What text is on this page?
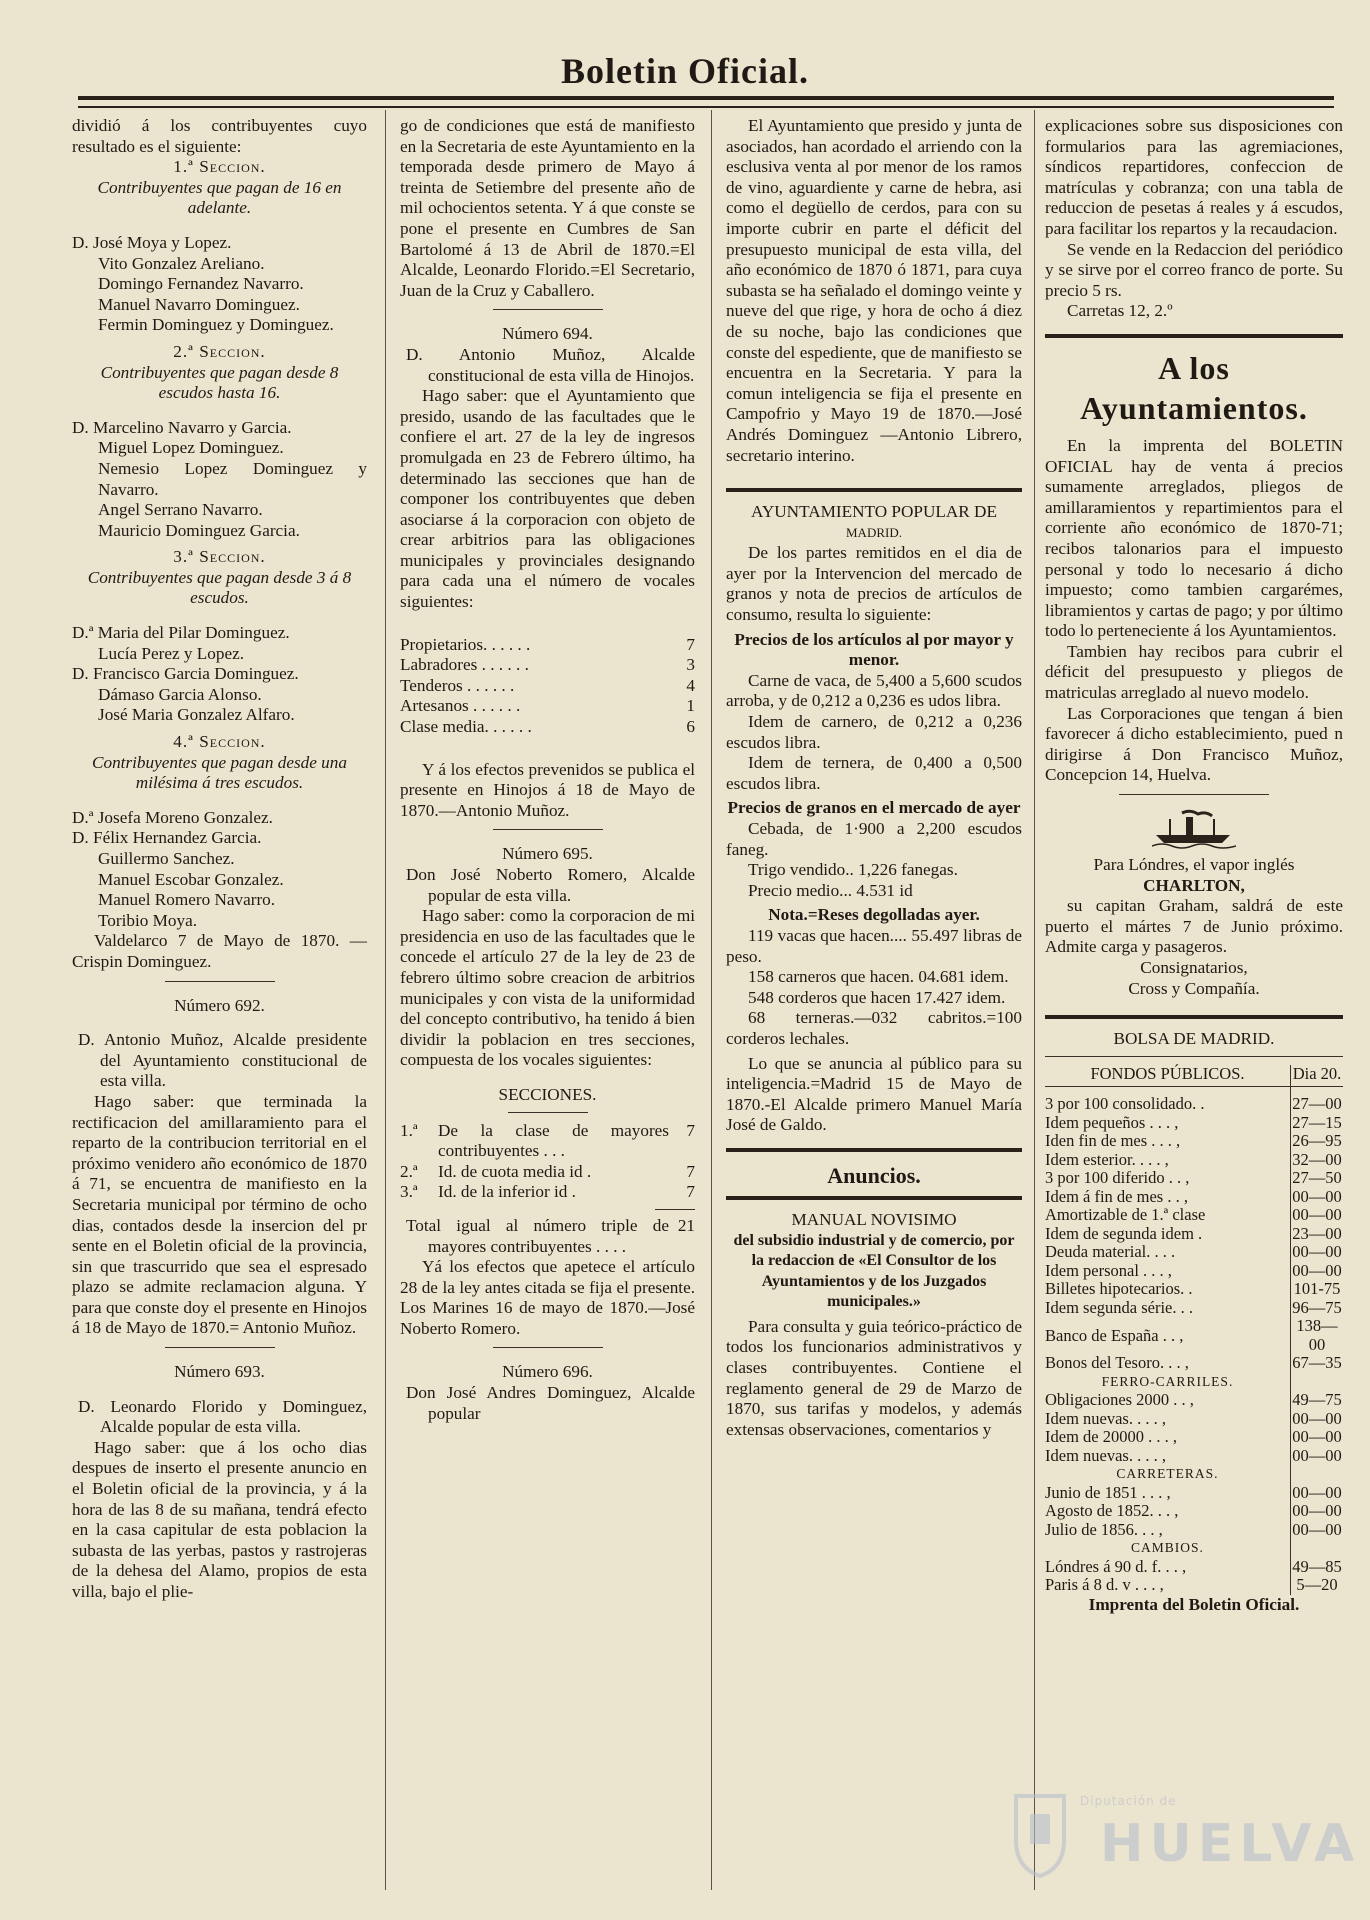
Boletin Oficial.

dividió á los contribuyentes cuyo resultado es el siguiente:

1.ª Seccion.

Contribuyentes que pagan de 16 en adelante.

D. José Moya y Lopez.

Vito Gonzalez Areliano.

Domingo Fernandez Navarro.

Manuel Navarro Dominguez.

Fermin Dominguez y Dominguez.

2.ª Seccion.

Contribuyentes que pagan desde 8 escudos hasta 16.

D. Marcelino Navarro y Garcia.

Miguel Lopez Dominguez.

Nemesio Lopez Dominguez y Navarro.

Angel Serrano Navarro.

Mauricio Dominguez Garcia.

3.ª Seccion.

Contribuyentes que pagan desde 3 á 8 escudos.

D.ª Maria del Pilar Dominguez.

Lucía Perez y Lopez.

D. Francisco Garcia Dominguez.

Dámaso Garcia Alonso.

José Maria Gonzalez Alfaro.

4.ª Seccion.

Contribuyentes que pagan desde una milésima á tres escudos.

D.ª Josefa Moreno Gonzalez.

D. Félix Hernandez Garcia.

Guillermo Sanchez.

Manuel Escobar Gonzalez.

Manuel Romero Navarro.

Toribio Moya.

Valdelarco 7 de Mayo de 1870. —Crispin Dominguez.

Número 692.

D. Antonio Muñoz, Alcalde presidente del Ayuntamiento constitucional de esta villa.

Hago saber: que terminada la rectificacion del amillaramiento para el reparto de la contribucion territorial en el próximo venidero año económico de 1870 á 71, se encuentra de manifiesto en la Secretaria municipal por término de ocho dias, contados desde la insercion del pr sente en el Boletin oficial de la provincia, sin que trascurrido que sea el espresado plazo se admite reclamacion alguna. Y para que conste doy el presente en Hinojos á 18 de Mayo de 1870.= Antonio Muñoz.

Número 693.

D. Leonardo Florido y Dominguez, Alcalde popular de esta villa.

Hago saber: que á los ocho dias despues de inserto el presente anuncio en el Boletin oficial de la provincia, y á la hora de las 8 de su mañana, tendrá efecto en la casa capitular de esta poblacion la subasta de las yerbas, pastos y rastrojeras de la dehesa del Alamo, propios de esta villa, bajo el plie-

go de condiciones que está de manifiesto en la Secretaria de este Ayuntamiento en la temporada desde primero de Mayo á treinta de Setiembre del presente año de mil ochocientos setenta. Y á que conste se pone el presente en Cumbres de San Bartolomé á 13 de Abril de 1870.=El Alcalde, Leonardo Florido.=El Secretario, Juan de la Cruz y Caballero.

Número 694.

D. Antonio Muñoz, Alcalde constitucional de esta villa de Hinojos.

Hago saber: que el Ayuntamiento que presido, usando de las facultades que le confiere el art. 27 de la ley de ingresos promulgada en 23 de Febrero último, ha determinado las secciones que han de componer los contribuyentes que deben asociarse á la corporacion con objeto de crear arbitrios para las obligaciones municipales y provinciales designando para cada una el número de vocales siguientes:

Propietarios. . . . . .	7
Labradores . . . . . .	3
Tenderos . . . . . .	4
Artesanos . . . . . .	1
Clase media. . . . . .	6

Y á los efectos prevenidos se publica el presente en Hinojos á 18 de Mayo de 1870.—Antonio Muñoz.

Número 695.

Don José Noberto Romero, Alcalde popular de esta villa.

Hago saber: como la corporacion de mi presidencia en uso de las facultades que le concede el artículo 27 de la ley de 23 de febrero último sobre creacion de arbitrios municipales y con vista de la uniformidad del concepto contributivo, ha tenido á bien dividir la poblacion en tres secciones, compuesta de los vocales siguientes:

SECCIONES.

1.ª	De la clase de mayores contribuyentes . . .
7
2.ª	Id. de cuota media id .	7
3.ª	Id. de la inferior id .	7
Total igual al número triple de mayores contribuyentes . . . .
21

Yá los efectos que apetece el artículo 28 de la ley antes citada se fija el presente. Los Marines 16 de mayo de 1870.—José Noberto Romero.

Número 696.

Don José Andres Dominguez, Alcalde popular

El Ayuntamiento que presido y junta de asociados, han acordado el arriendo con la esclusiva venta al por menor de los ramos de vino, aguardiente y carne de hebra, asi como el degüello de cerdos, para con su importe cubrir en parte el déficit del presupuesto municipal de esta villa, del año económico de 1870 ó 1871, para cuya subasta se ha señalado el domingo veinte y nueve del que rige, y hora de ocho á diez de su noche, bajo las condiciones que conste del espediente, que de manifiesto se encuentra en la Secretaria. Y para la comun inteligencia se fija el presente en Campofrio y Mayo 19 de 1870.—José Andrés Dominguez —Antonio Librero, secretario interino.

AYUNTAMIENTO POPULAR DE

MADRID.

De los partes remitidos en el dia de ayer por la Intervencion del mercado de granos y nota de precios de artículos de consumo, resulta lo siguiente:

Precios de los artículos al por mayor y menor.

Carne de vaca, de 5,400 a 5,600 scudos arroba, y de 0,212 a 0,236 es udos libra.

Idem de carnero, de 0,212 a 0,236 escudos libra.

Idem de ternera, de 0,400 a 0,500 escudos libra.

Precios de granos en el mercado de ayer

Cebada, de 1·900 a 2,200 escudos faneg.

Trigo vendido.. 1,226 fanegas.

Precio medio... 4.531 id

Nota.=Reses degolladas ayer.

119 vacas que hacen.... 55.497 libras de peso.

158 carneros que hacen. 04.681 idem.

548 corderos que hacen 17.427 idem.

68 terneras.—032 cabritos.=100 corderos lechales.

Lo que se anuncia al público para su inteligencia.=Madrid 15 de Mayo de 1870.-El Alcalde primero Manuel María José de Galdo.

Anuncios.

MANUAL NOVISIMO

del subsidio industrial y de comercio, por la redaccion de «El Consultor de los Ayuntamientos y de los Juzgados municipales.»

Para consulta y guia teórico-práctico de todos los funcionarios administrativos y clases contribuyentes. Contiene el reglamento general de 29 de Marzo de 1870, sus tarifas y modelos, y además extensas observaciones, comentarios y

explicaciones sobre sus disposiciones con formularios para las agremiaciones, síndicos repartidores, confeccion de matrículas y cobranza; con una tabla de reduccion de pesetas á reales y á escudos, para facilitar los repartos y la recaudacion.

Se vende en la Redaccion del periódico y se sirve por el correo franco de porte. Su precio 5 rs.

Carretas 12, 2.º

A los Ayuntamientos.

En la imprenta del BOLETIN OFICIAL hay de venta á precios sumamente arreglados, pliegos de amillaramientos y repartimientos para el corriente año económico de 1870-71; recibos talonarios para el impuesto personal y todo lo necesario á dicho impuesto; como tambien cargarémes, libramientos y cartas de pago; y por último todo lo perteneciente á los Ayuntamientos.

Tambien hay recibos para cubrir el déficit del presupuesto y pliegos de matriculas arreglado al nuevo modelo.

Las Corporaciones que tengan á bien favorecer á dicho establecimiento, pued n dirigirse á Don Francisco Muñoz, Concepcion 14, Huelva.

Para Lóndres, el vapor inglés

CHARLTON,

su capitan Graham, saldrá de este puerto el mártes 7 de Junio próximo. Admite carga y pasageros.

Consignatarios,

Cross y Compañía.

BOLSA DE MADRID.

FONDOS PÚBLICOS.	Dia 20.

3 por 100 consolidado. .	27—00
Idem pequeños . . . ,	27—15
Iden fin de mes . . . ,	26—95
Idem esterior. . . . ,	32—00
3 por 100 diferido . . ,	27—50
Idem á fin de mes . . ,	00—00
Amortizable de 1.ª clase	00—00
Idem de segunda idem .	23—00
Deuda material. . . .	00—00
Idem personal . . . ,	00—00
Billetes hipotecarios. .	101-75
Idem segunda série. . .	96—75
Banco de España . . ,	138—00
Bonos del Tesoro. . . ,	67—35
FERRO-CARRILES.	
Obligaciones 2000 . . ,	49—75
Idem nuevas. . . . ,	00—00
Idem de 20000 . . . ,	00—00
Idem nuevas. . . . ,	00—00
CARRETERAS.	
Junio de 1851 . . . ,	00—00
Agosto de 1852. . . ,	00—00
Julio de 1856. . . ,	00—00
CAMBIOS.	
Lóndres á 90 d. f. . . ,	49—85
Paris á 8 d. v . . . ,	5—20

Imprenta del Boletin Oficial.

Diputación de
HUELVA
